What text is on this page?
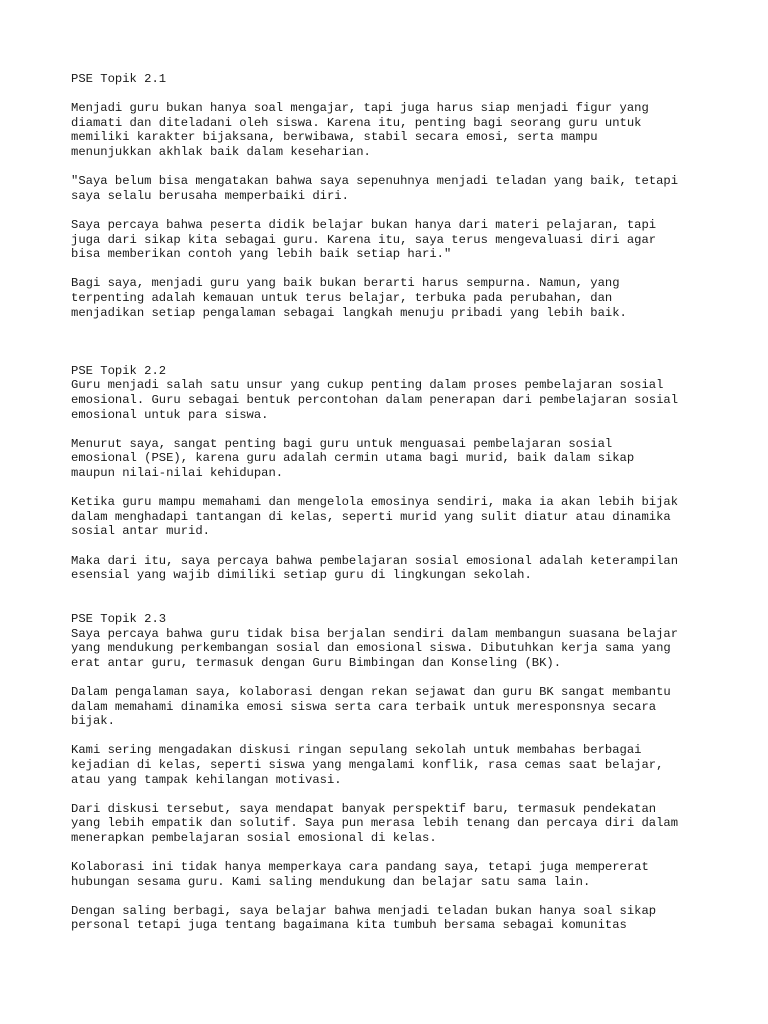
PSE Topik 2.1
Menjadi guru bukan hanya soal mengajar, tapi juga harus siap menjadi figur yang
diamati dan diteladani oleh siswa. Karena itu, penting bagi seorang guru untuk
memiliki karakter bijaksana, berwibawa, stabil secara emosi, serta mampu
menunjukkan akhlak baik dalam keseharian.
"Saya belum bisa mengatakan bahwa saya sepenuhnya menjadi teladan yang baik, tetapi
saya selalu berusaha memperbaiki diri.
Saya percaya bahwa peserta didik belajar bukan hanya dari materi pelajaran, tapi
juga dari sikap kita sebagai guru. Karena itu, saya terus mengevaluasi diri agar
bisa memberikan contoh yang lebih baik setiap hari."
Bagi saya, menjadi guru yang baik bukan berarti harus sempurna. Namun, yang
terpenting adalah kemauan untuk terus belajar, terbuka pada perubahan, dan
menjadikan setiap pengalaman sebagai langkah menuju pribadi yang lebih baik.
PSE Topik 2.2
Guru menjadi salah satu unsur yang cukup penting dalam proses pembelajaran sosial
emosional. Guru sebagai bentuk percontohan dalam penerapan dari pembelajaran sosial
emosional untuk para siswa.
Menurut saya, sangat penting bagi guru untuk menguasai pembelajaran sosial
emosional (PSE), karena guru adalah cermin utama bagi murid, baik dalam sikap
maupun nilai-nilai kehidupan.
Ketika guru mampu memahami dan mengelola emosinya sendiri, maka ia akan lebih bijak
dalam menghadapi tantangan di kelas, seperti murid yang sulit diatur atau dinamika
sosial antar murid.
Maka dari itu, saya percaya bahwa pembelajaran sosial emosional adalah keterampilan
esensial yang wajib dimiliki setiap guru di lingkungan sekolah.
PSE Topik 2.3
Saya percaya bahwa guru tidak bisa berjalan sendiri dalam membangun suasana belajar
yang mendukung perkembangan sosial dan emosional siswa. Dibutuhkan kerja sama yang
erat antar guru, termasuk dengan Guru Bimbingan dan Konseling (BK).
Dalam pengalaman saya, kolaborasi dengan rekan sejawat dan guru BK sangat membantu
dalam memahami dinamika emosi siswa serta cara terbaik untuk meresponsnya secara
bijak.
Kami sering mengadakan diskusi ringan sepulang sekolah untuk membahas berbagai
kejadian di kelas, seperti siswa yang mengalami konflik, rasa cemas saat belajar,
atau yang tampak kehilangan motivasi.
Dari diskusi tersebut, saya mendapat banyak perspektif baru, termasuk pendekatan
yang lebih empatik dan solutif. Saya pun merasa lebih tenang dan percaya diri dalam
menerapkan pembelajaran sosial emosional di kelas.
Kolaborasi ini tidak hanya memperkaya cara pandang saya, tetapi juga mempererat
hubungan sesama guru. Kami saling mendukung dan belajar satu sama lain.
Dengan saling berbagi, saya belajar bahwa menjadi teladan bukan hanya soal sikap
personal tetapi juga tentang bagaimana kita tumbuh bersama sebagai komunitas
